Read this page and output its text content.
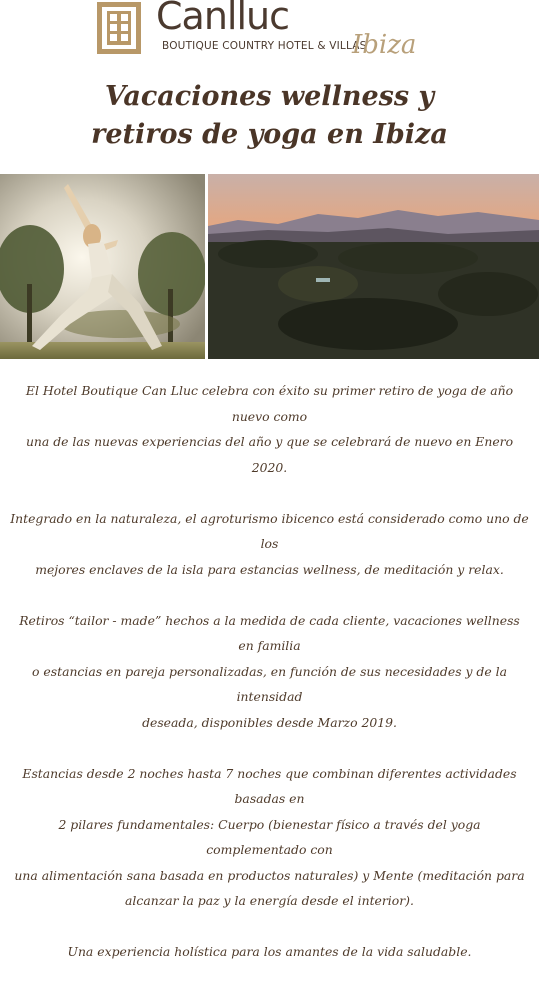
Canlluc
BOUTIQUE COUNTRY HOTEL & VILLAS
Ibiza
Vacaciones wellness y
retiros de yoga en Ibiza

El Hotel Boutique Can Lluc celebra con éxito su primer retiro de yoga de año nuevo como
una de las nuevas experiencias del año y que se celebrará de nuevo en Enero 2020.

Integrado en la naturaleza, el agroturismo ibicenco está considerado como uno de los
mejores enclaves de la isla para estancias wellness, de meditación y relax.

Retiros “tailor - made” hechos a la medida de cada cliente, vacaciones wellness en familia
o estancias en pareja personalizadas, en función de sus necesidades y de la intensidad
deseada, disponibles desde Marzo 2019.

Estancias desde 2 noches hasta 7 noches que combinan diferentes actividades basadas en
2 pilares fundamentales: Cuerpo (bienestar físico a través del yoga complementado con
una alimentación sana basada en productos naturales) y Mente (meditación para
alcanzar la paz y la energía desde el interior).

Una experiencia holística para los amantes de la vida saludable.
